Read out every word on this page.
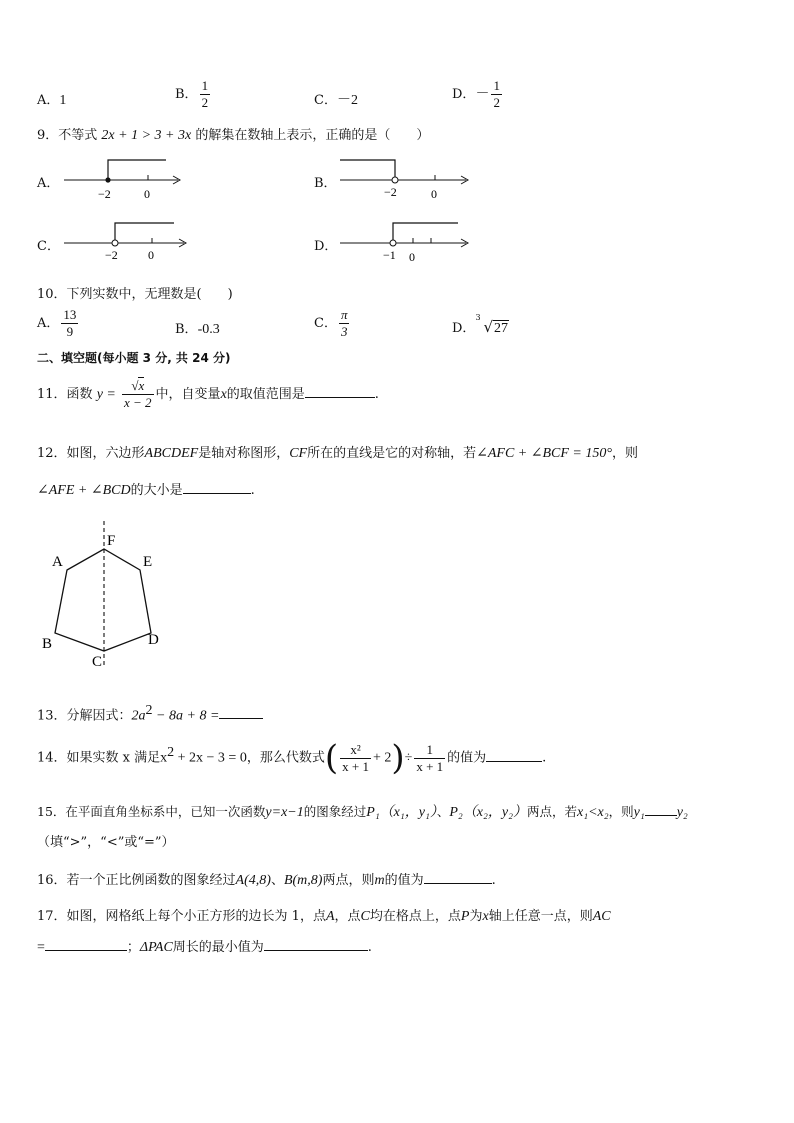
A．1	B． $\frac{1}{2}$	C．－2	D．－ $\frac{1}{2}$
9．不等式 2x + 1 > 3 + 3x 的解集在数轴上表示，正确的是（　　）
A．
−2	0
B．
−2	0
C．
−2	0
D．
−1 0
10．下列实数中，无理数是(　　)
A． $\frac{13}{9}$	B．-0.3	C． $\frac{\pi}{3}$	D．
3
√27
二、填空题(每小题 3 分, 共 24 分)
11．函数 $y = \frac{√x}{x - 2}$ 中，自变量x的取值范围是	.
12．如图，六边形ABCDEF是轴对称图形，CF所在的直线是它的对称轴，若∠AFC + ∠BCF = 150°，则
∠AFE + ∠BCD的大小是	.
A
B
C
D
E
F
13．分解因式：$2a^2 - 8a + 8$ =
14．如果实数 x 满足$x^2 + 2x - 3 = 0$，那么代数式( $\frac{\text{x²}}{x + 1} + 2)\div \frac{1}{x + 1}$ 的值为	.
15．在平面直角坐标系中，已知一次函数y=x−1的图象经过P₁（x₁，y₁）、P₂（x₂，y₂）两点，若x₁<x₂，则y₁ y₂
（填“>”，“<”或“=”）
16．若一个正比例函数的图象经过A(4,8)、B(m,8)两点，则m的值为	.
17．如图，网格纸上每个小正方形的边长为 1，点A，点C均在格点上，点P为x轴上任意一点，则AC
=	；ΔPAC周长的最小值为	.
